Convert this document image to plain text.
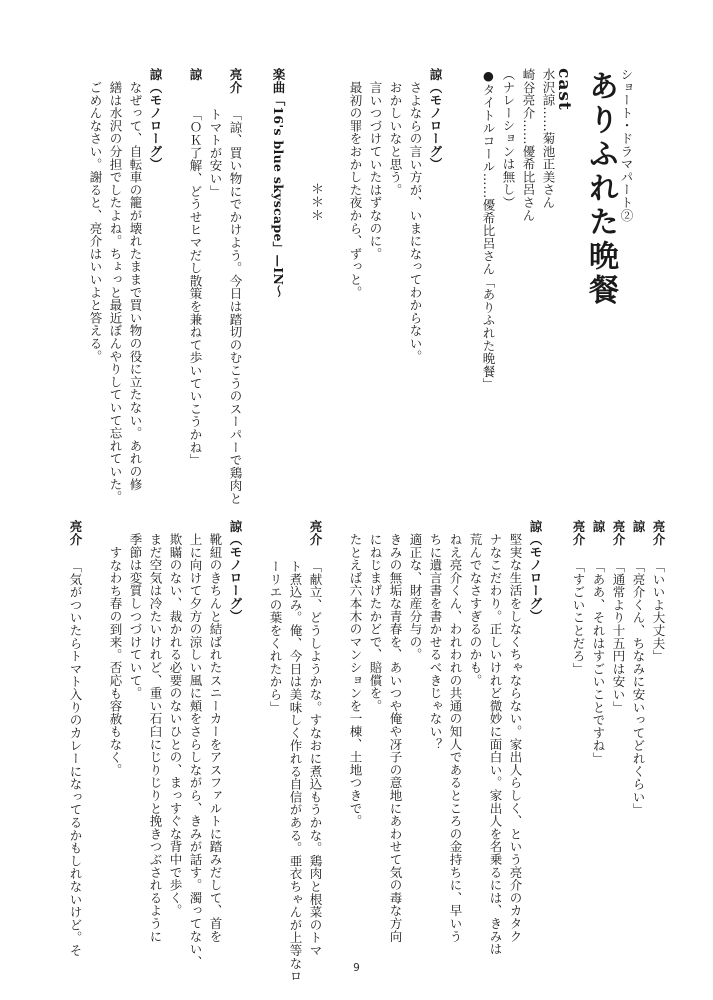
ショート・ドラマパート②
ありふれた晩餐
cast
水沢諒……菊池正美さん
崎谷亮介……優希比呂さん
（ナレーションは無し）
●タイトルコール……優希比呂さん「ありふれた晩餐」
諒（モノローグ）
さよならの言い方が、いまになってわからない。
おかしいなと思う。
言いつづけていたはずなのに。
最初の罪をおかした夜から、ずっと。
＊＊＊
楽曲「16's blue skyscape」—IN～
亮介
「諒、買い物にでかけよう。今日は踏切のむこうのスーパーで鶏肉と
トマトが安い」
諒
「ＯＫ了解、どうせヒマだし散策を兼ねて歩いていこうかね」
諒（モノローグ）
なぜって、自転車の籠が壊れたままで買い物の役に立たない。あれの修
繕は水沢の分担でしたよね。ちょっと最近ぼんやりしていて忘れていた。
ごめんなさい。謝ると、亮介はいいよと答える。
亮介
「いいよ大丈夫」
諒
「亮介くん、ちなみに安いってどれくらい」
亮介
「通常より十五円は安い」
諒
「ああ、それはすごいことですね」
亮介
「すごいことだろ」
諒（モノローグ）
堅実な生活をしなくちゃならない。家出人らしく、という亮介のカタク
ナなこだわり。正しいけれど微妙に面白い。家出人を名乗るには、きみは
荒んでなさすぎるのかも。
ねえ亮介くん、われわれの共通の知人であるところの金持ちに、早いう
ちに遺言書を書かせるべきじゃない？
適正な、財産分与の。
きみの無垢な青春を、あいつや俺や冴子の意地にあわせて気の毒な方向
にねじまげたかどで、賠償を。
たとえば六本木のマンションを一棟、土地つきで。
亮介
「献立、どうしようかな。すなおに煮込もうかな。鶏肉と根菜のトマ
ト煮込み。俺、今日は美味しく作れる自信がある。亜衣ちゃんが上等なロ
ーリエの葉をくれたから」
諒（モノローグ）
靴紐のきちんと結ばれたスニーカーをアスファルトに踏みだして、首を
上に向けて夕方の涼しい風に頬をさらしながら、きみが話す。濁ってない、
欺瞞のない、裁かれる必要のないひとの、まっすぐな背中で歩く。
まだ空気は冷たいけれど、重い石臼にじりじりと挽きつぶされるように
季節は変質しつづけていて。
すなわち春の到来。否応も容赦もなく。
亮介
「気がついたらトマト入りのカレーになってるかもしれないけど。そ
9
